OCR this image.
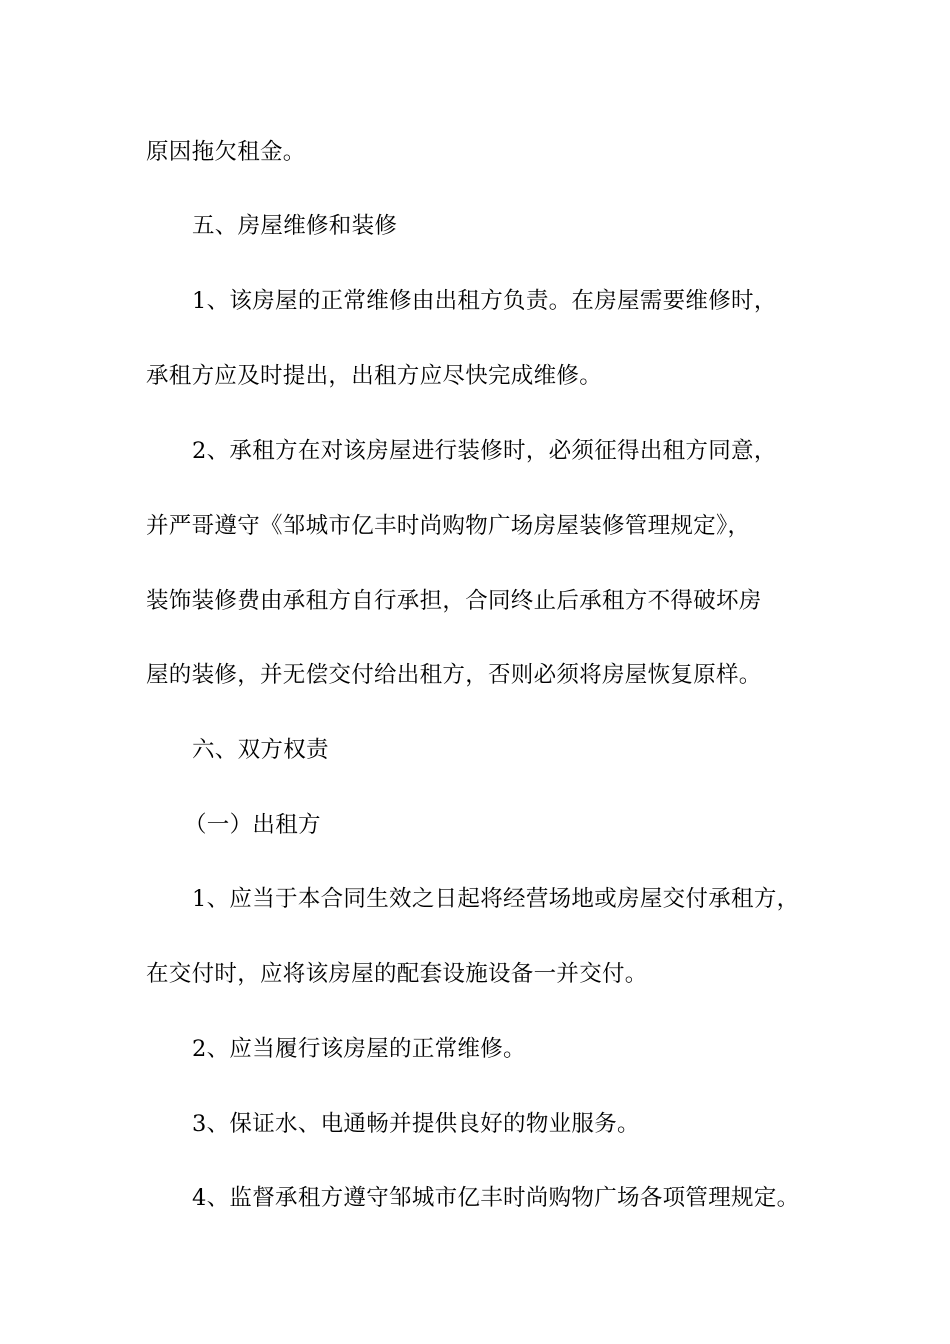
原因拖欠租金。
五、房屋维修和装修
1、该房屋的正常维修由出租方负责。在房屋需要维修时，
承租方应及时提出，出租方应尽快完成维修。
2、承租方在对该房屋进行装修时，必须征得出租方同意，
并严哥遵守《邹城市亿丰时尚购物广场房屋装修管理规定》，
装饰装修费由承租方自行承担，合同终止后承租方不得破坏房
屋的装修，并无偿交付给出租方，否则必须将房屋恢复原样。
六、双方权责
（一）出租方
1、应当于本合同生效之日起将经营场地或房屋交付承租方，
在交付时，应将该房屋的配套设施设备一并交付。
2、应当履行该房屋的正常维修。
3、保证水、电通畅并提供良好的物业服务。
4、监督承租方遵守邹城市亿丰时尚购物广场各项管理规定。
